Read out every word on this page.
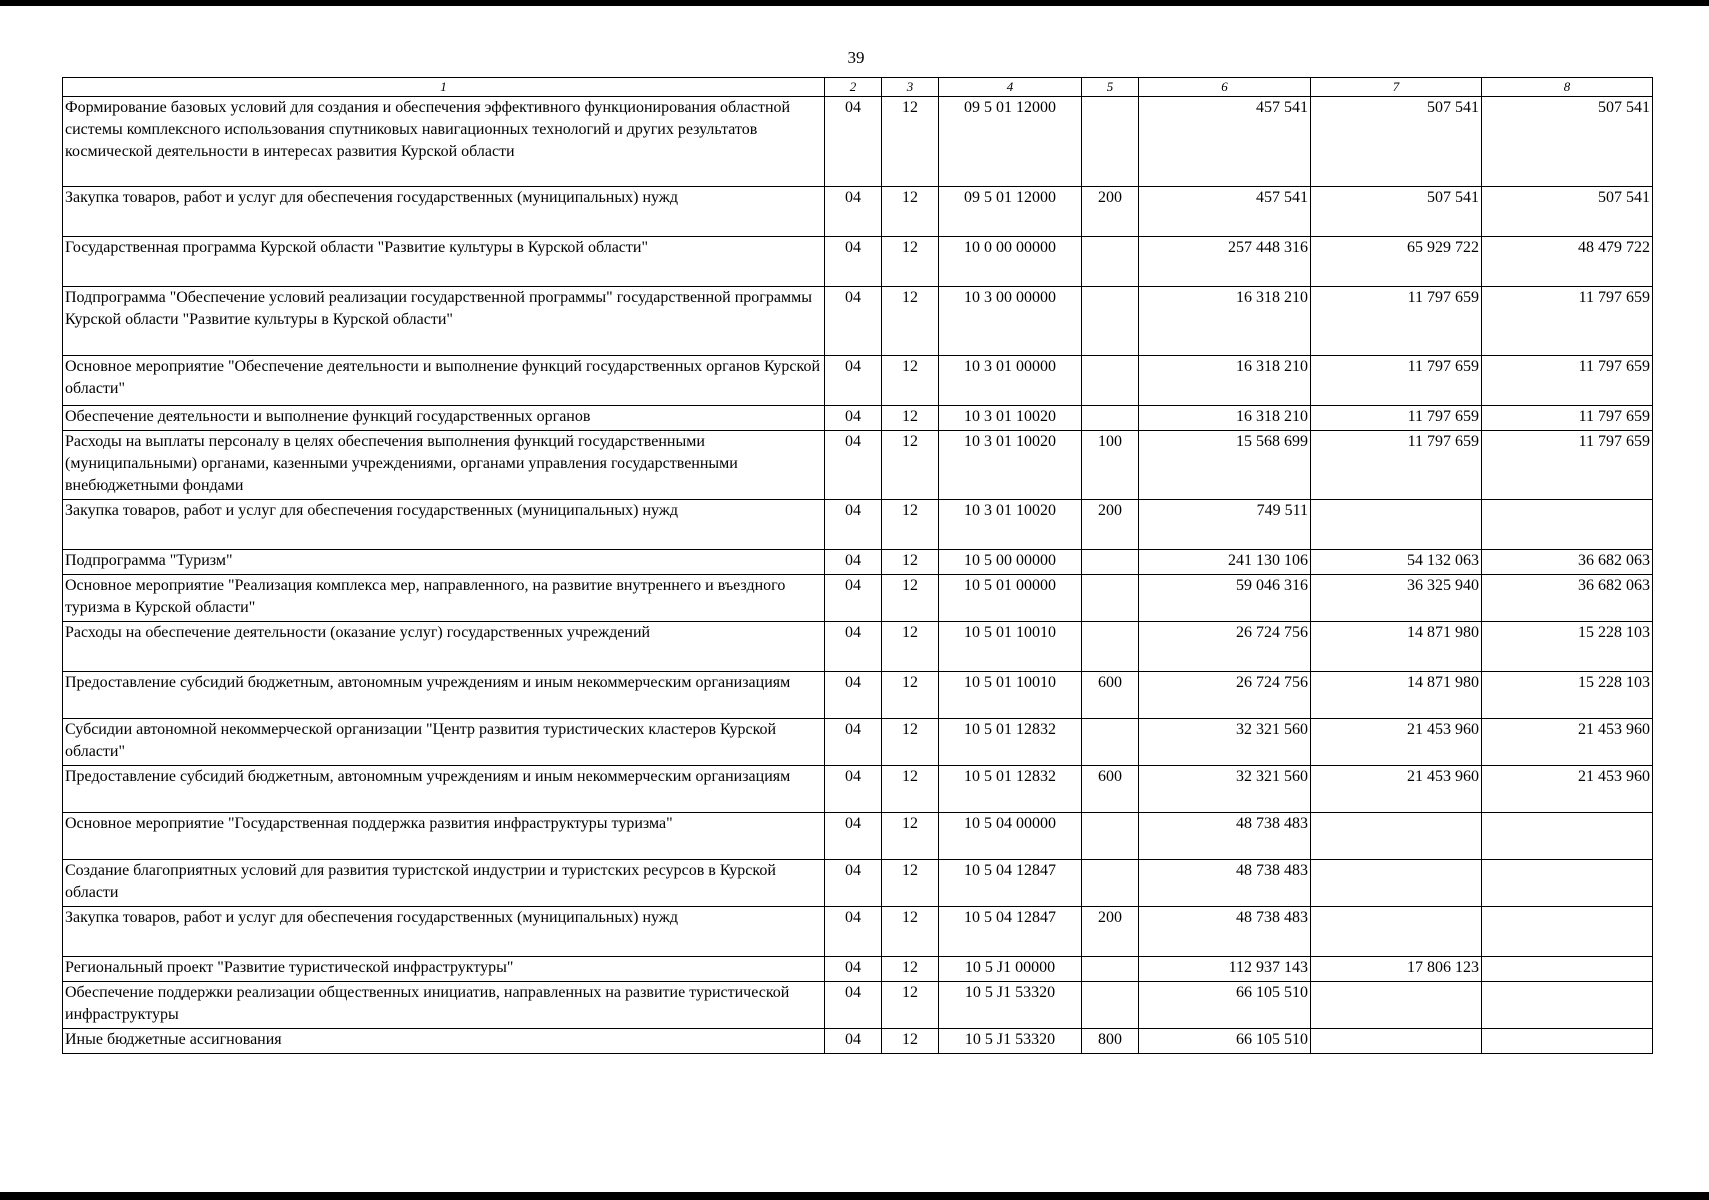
39
1	2	3	4	5	6	7	8
Формирование базовых условий для создания и обеспечения эффективного функционирования областной системы комплексного использования спутниковых навигационных технологий и других результатов космической деятельности в интересах развития Курской области	04	12	09 5 01 12000		457 541	507 541	507 541
Закупка товаров, работ и услуг для обеспечения государственных (муниципальных) нужд	04	12	09 5 01 12000	200	457 541	507 541	507 541
Государственная программа Курской области "Развитие культуры в Курской области"	04	12	10 0 00 00000		257 448 316	65 929 722	48 479 722
Подпрограмма "Обеспечение условий реализации государственной программы" государственной программы Курской области "Развитие культуры в Курской области"	04	12	10 3 00 00000		16 318 210	11 797 659	11 797 659
Основное мероприятие "Обеспечение деятельности и выполнение функций государственных органов Курской области"	04	12	10 3 01 00000		16 318 210	11 797 659	11 797 659
Обеспечение деятельности и выполнение функций государственных органов	04	12	10 3 01 10020		16 318 210	11 797 659	11 797 659
Расходы на выплаты персоналу в целях обеспечения выполнения функций государственными (муниципальными) органами, казенными учреждениями, органами управления государственными внебюджетными фондами	04	12	10 3 01 10020	100	15 568 699	11 797 659	11 797 659
Закупка товаров, работ и услуг для обеспечения государственных (муниципальных) нужд	04	12	10 3 01 10020	200	749 511		
Подпрограмма "Туризм"	04	12	10 5 00 00000		241 130 106	54 132 063	36 682 063
Основное мероприятие "Реализация комплекса мер, направленного, на развитие внутреннего и въездного туризма в Курской области"	04	12	10 5 01 00000		59 046 316	36 325 940	36 682 063
Расходы на обеспечение деятельности (оказание услуг) государственных учреждений	04	12	10 5 01 10010		26 724 756	14 871 980	15 228 103
Предоставление субсидий бюджетным, автономным учреждениям и иным некоммерческим организациям	04	12	10 5 01 10010	600	26 724 756	14 871 980	15 228 103
Субсидии автономной некоммерческой организации "Центр развития туристических кластеров Курской области"	04	12	10 5 01 12832		32 321 560	21 453 960	21 453 960
Предоставление субсидий бюджетным, автономным учреждениям и иным некоммерческим организациям	04	12	10 5 01 12832	600	32 321 560	21 453 960	21 453 960
Основное мероприятие "Государственная поддержка развития инфраструктуры туризма"	04	12	10 5 04 00000		48 738 483		
Создание благоприятных условий для развития туристской индустрии и туристских ресурсов в Курской области	04	12	10 5 04 12847		48 738 483		
Закупка товаров, работ и услуг для обеспечения государственных (муниципальных) нужд	04	12	10 5 04 12847	200	48 738 483		
Региональный проект "Развитие туристической инфраструктуры"	04	12	10 5 J1 00000		112 937 143	17 806 123	
Обеспечение поддержки реализации общественных инициатив, направленных на развитие туристической инфраструктуры	04	12	10 5 J1 53320		66 105 510		
Иные бюджетные ассигнования	04	12	10 5 J1 53320	800	66 105 510		
